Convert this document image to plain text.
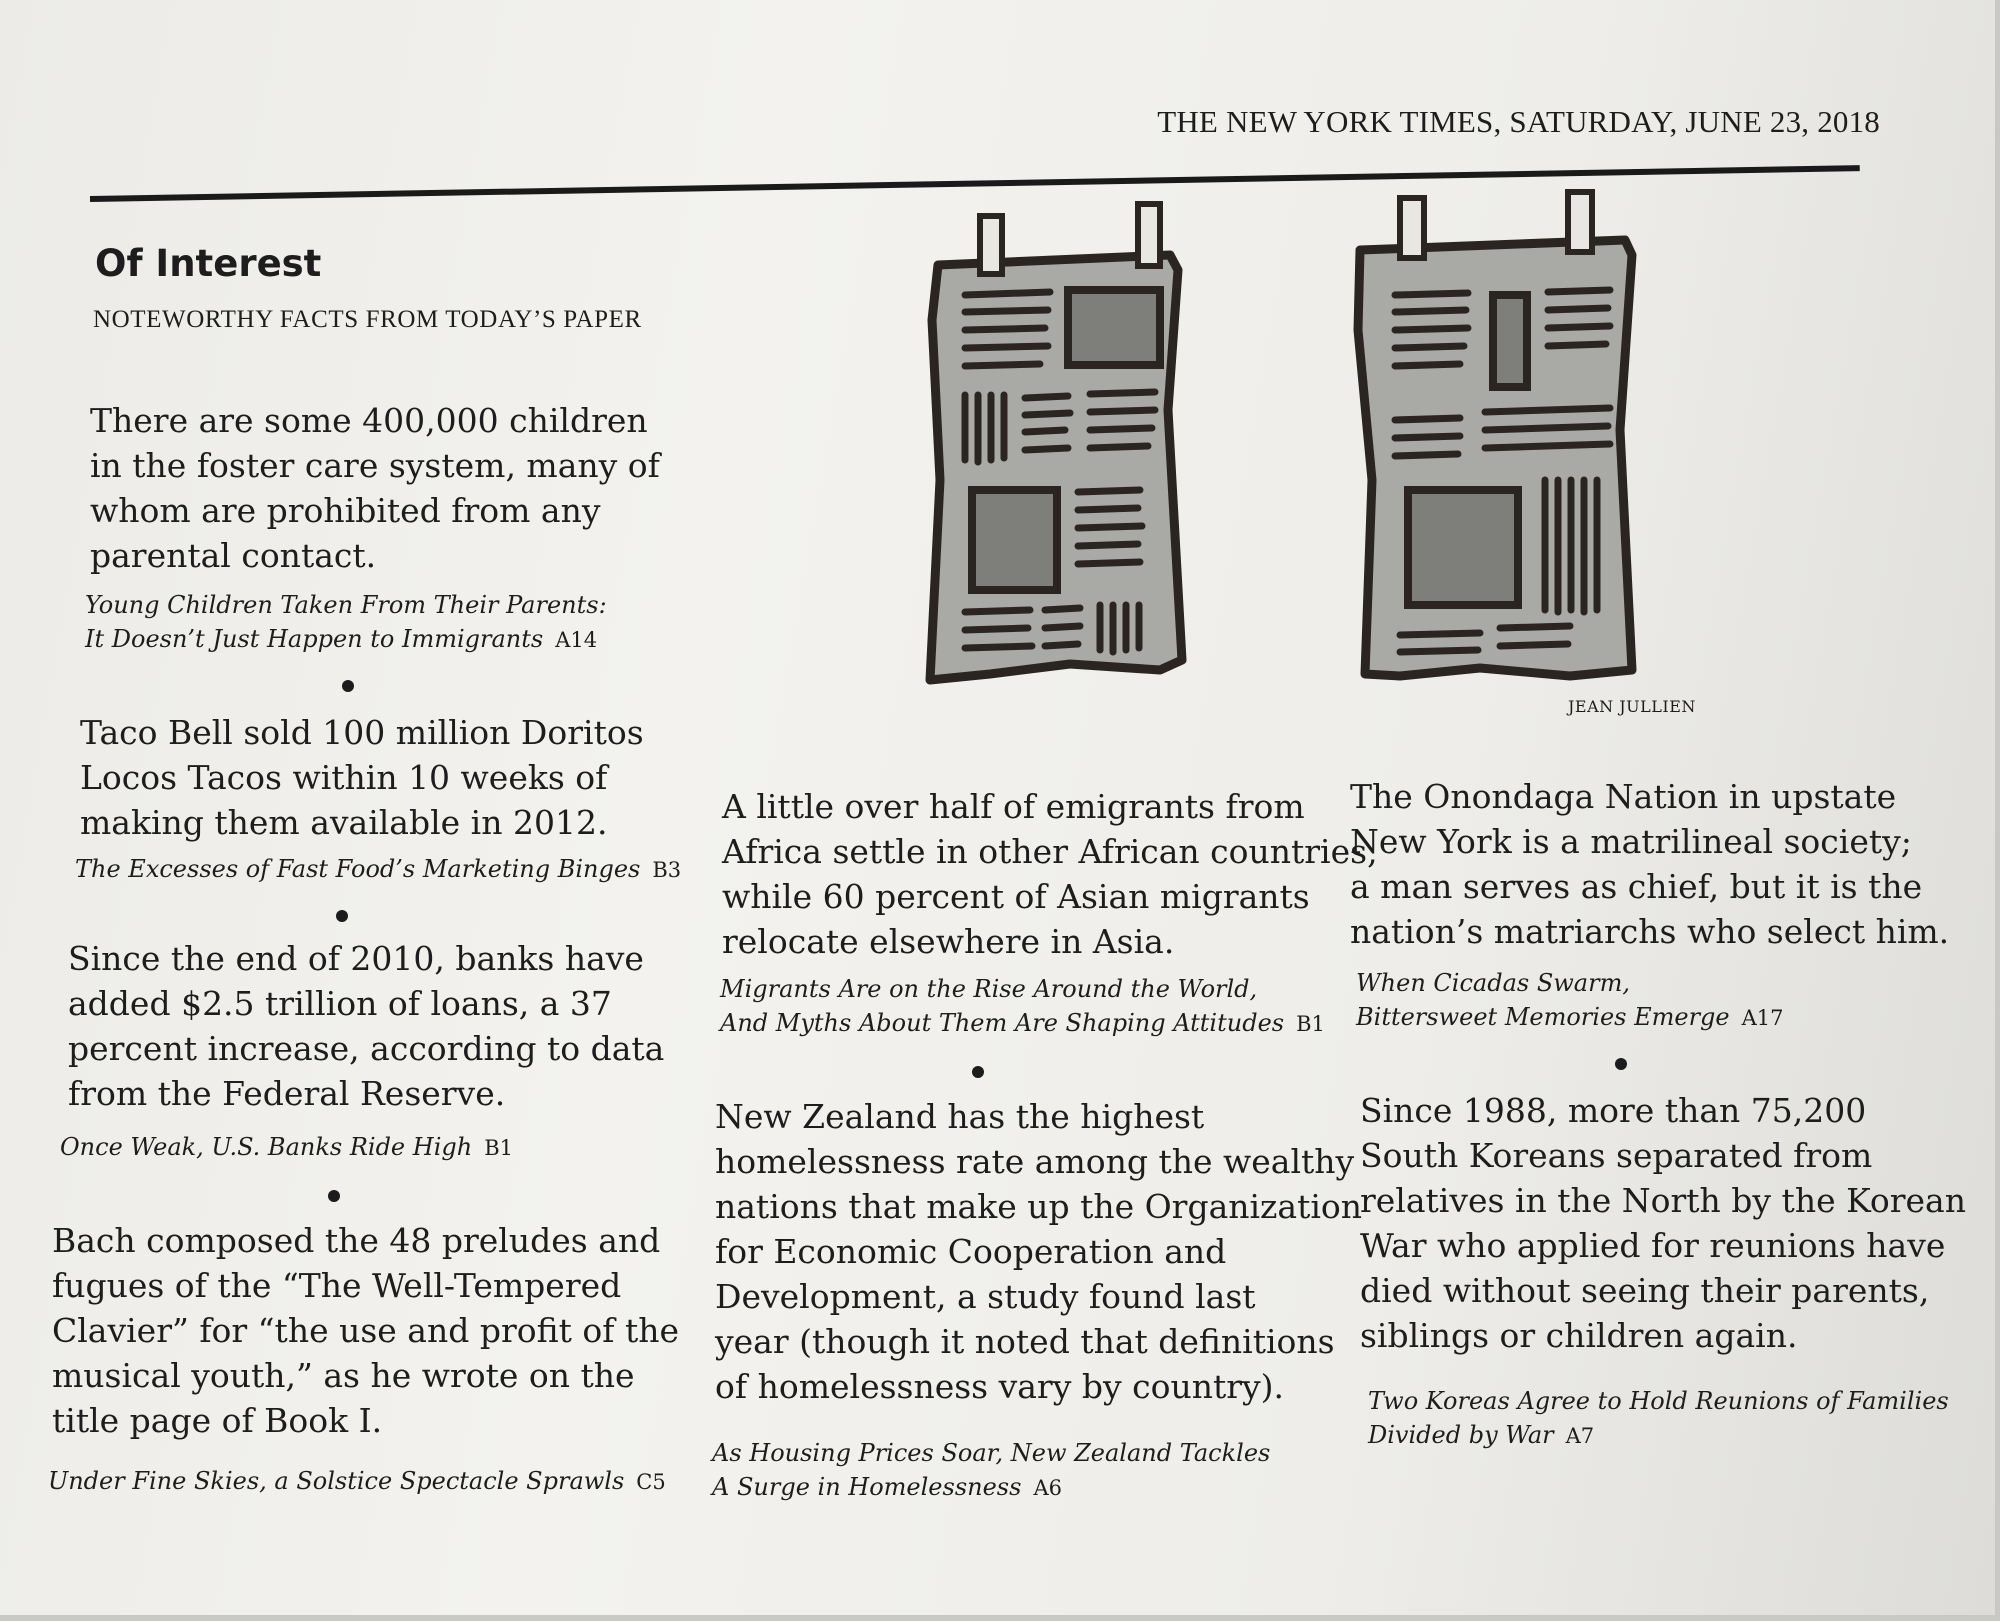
THE NEW YORK TIMES, SATURDAY, JUNE 23, 2018
Of Interest
NOTEWORTHY FACTS FROM TODAY’S PAPER
JEAN JULLIEN
There are some 400,000 children
in the foster care system, many of
whom are prohibited from any
parental contact.
Young Children Taken From Their Parents:
It Doesn’t Just Happen to Immigrants A14
Taco Bell sold 100 million Doritos
Locos Tacos within 10 weeks of
making them available in 2012.
The Excesses of Fast Food’s Marketing Binges B3
Since the end of 2010, banks have
added $2.5 trillion of loans, a 37
percent increase, according to data
from the Federal Reserve.
Once Weak, U.S. Banks Ride High B1
Bach composed the 48 preludes and
fugues of the “The Well-Tempered
Clavier” for “the use and profit of the
musical youth,” as he wrote on the
title page of Book I.
Under Fine Skies, a Solstice Spectacle Sprawls C5
A little over half of emigrants from
Africa settle in other African countries,
while 60 percent of Asian migrants
relocate elsewhere in Asia.
Migrants Are on the Rise Around the World,
And Myths About Them Are Shaping Attitudes B1
New Zealand has the highest
homelessness rate among the wealthy
nations that make up the Organization
for Economic Cooperation and
Development, a study found last
year (though it noted that definitions
of homelessness vary by country).
As Housing Prices Soar, New Zealand Tackles
A Surge in Homelessness A6
The Onondaga Nation in upstate
New York is a matrilineal society;
a man serves as chief, but it is the
nation’s matriarchs who select him.
When Cicadas Swarm,
Bittersweet Memories Emerge A17
Since 1988, more than 75,200
South Koreans separated from
relatives in the North by the Korean
War who applied for reunions have
died without seeing their parents,
siblings or children again.
Two Koreas Agree to Hold Reunions of Families
Divided by War A7
